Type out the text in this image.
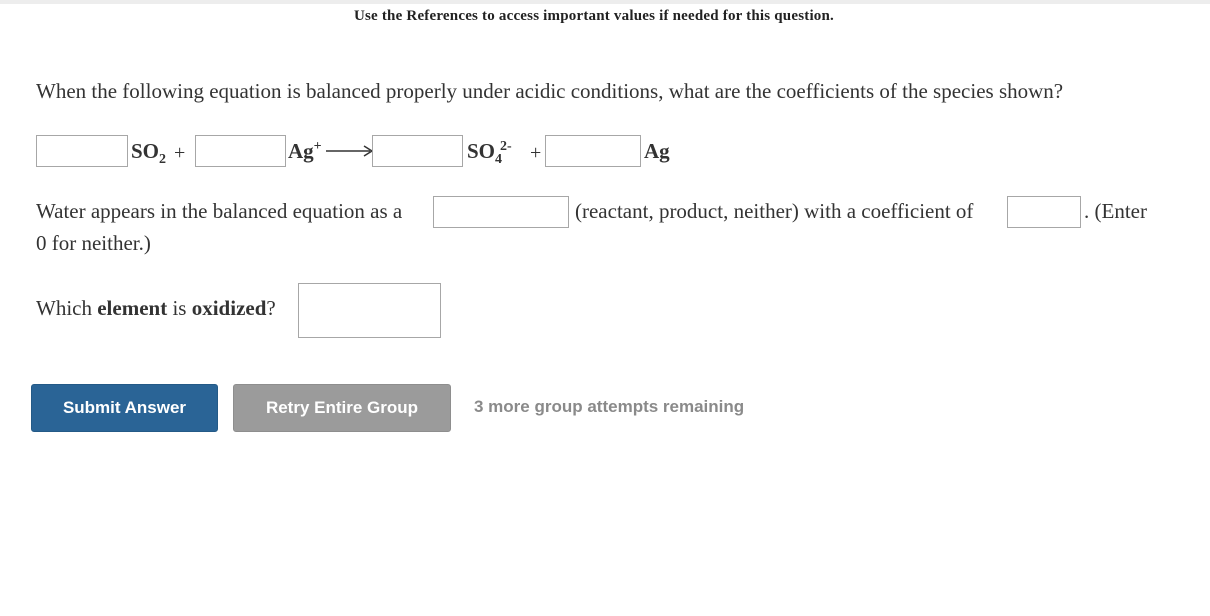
Use the References to access important values if needed for this question.
When the following equation is balanced properly under acidic conditions, what are the coefficients of the species shown?
$SO_2$ +	Ag+ →	$SO_4^{2-}$ +	Ag
Water appears in the balanced equation as a	(reactant, product, neither) with a coefficient of	. (Enter
0 for neither.)
Which element is oxidized?
Submit Answer	Retry Entire Group	3 more group attempts remaining
